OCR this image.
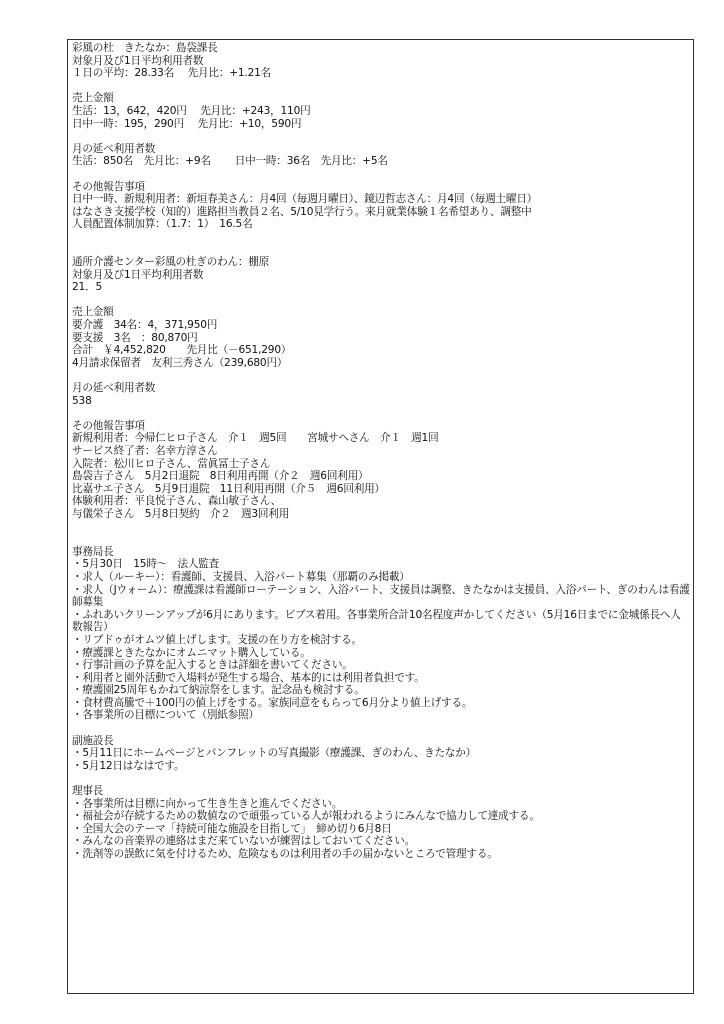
彩風の杜　きたなか：島袋課長
対象月及び1日平均利用者数
１日の平均：28.33名　 先月比：+1.21名
売上金額
生活：13，642，420円　 先月比：+243，110円
日中一時：195，290円　 先月比：+10，590円
月の延べ利用者数
生活：850名　先月比：+9名　　 日中一時：36名　先月比：+5名
その他報告事項
日中一時、新規利用者：新垣春美さん：月4回（毎週月曜日）、鏡辺哲志さん：月4回（毎週土曜日）
はなさき支援学校（知的）進路担当教員２名、5/10見学行う。来月就業体験１名希望あり、調整中
人員配置体制加算：（1.7：1）　16.5名
通所介護センター彩風の杜ぎのわん：棚原
対象月及び1日平均利用者数
21．5
売上金額
要介護　34名：4，371,950円
要支援　3名　：80,870円
合計　￥4,452,820　　先月比（－651,290）
4月請求保留者　友利三秀さん（239,680円）
月の延べ利用者数
538
その他報告事項
新規利用者：今帰仁ヒロ子さん　介１　週5回　　宮城サヘさん　介１　週1回
サービス終了者：名幸方淳さん
入院者：松川ヒロ子さん、當眞冨士子さん
島袋吉子さん　5月2日退院　8日利用再開（介２　週6回利用）
比嘉サエ子さん　5月9日退院　11日利用再開（介５　週6回利用）
体験利用者：平良悦子さん、森山敏子さん、
与儀栄子さん　5月8日契約　介２　週3回利用
事務局長
・5月30日　15時～　法人監査
・求人（ルーキー）：看護師、支援員、入浴パート募集（那覇のみ掲載）
・求人（Jウォーム）：療護課は看護師ローテーション、入浴パート、支援員は調整、きたなかは支援員、入浴パート、ぎのわんは看護師募集
・ふれあいクリーンアップが6月にあります。ビブス着用。各事業所合計10名程度声かしてください（5月16日までに金城係長へ人数報告）
・リブドゥがオムツ値上げします。支援の在り方を検討する。
・療護課ときたなかにオムニマット購入している。
・行事計画の予算を記入するときは詳細を書いてください。
・利用者と園外活動で入場料が発生する場合、基本的には利用者負担です。
・療護園25周年もかねて納涼祭をします。記念品も検討する。
・食材費高騰で＋100円の値上げをする。家族同意をもらって6月分より値上げする。
・各事業所の目標について（別紙参照）
副施設長
・5月11日にホームページとパンフレットの写真撮影（療護課、ぎのわん、きたなか）
・5月12日はなはです。
理事長
・各事業所は目標に向かって生き生きと進んでください。
・福祉会が存続するための数値なので頑張っている人が報われるようにみんなで協力して達成する。
・全国大会のテーマ「持続可能な施設を目指して」　締め切り6月8日
・みんなの音楽界の連絡はまだ来ていないが練習はしておいてください。
・洗剤等の誤飲に気を付けるため、危険なものは利用者の手の届かないところで管理する。
